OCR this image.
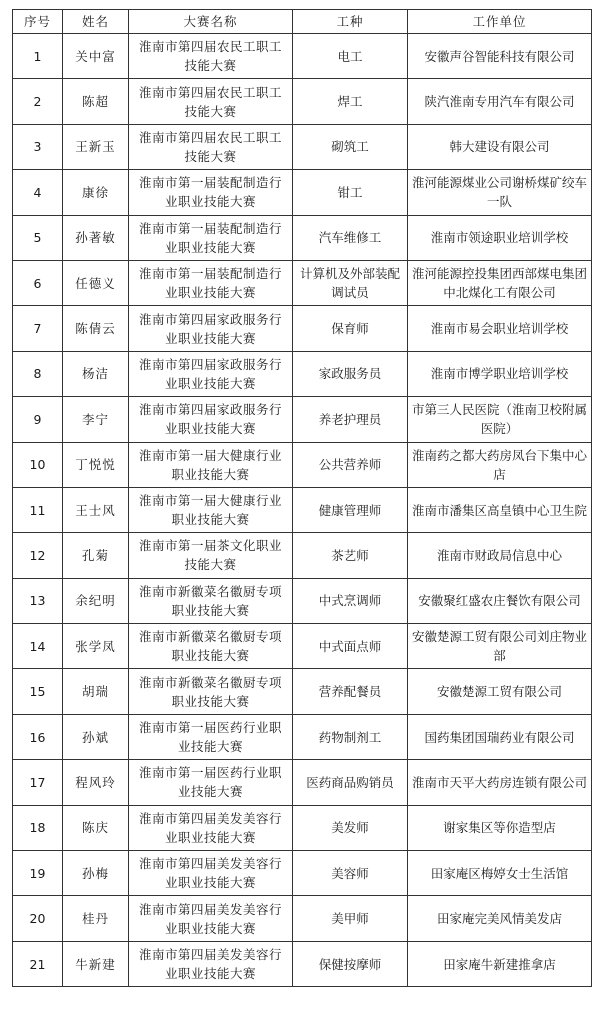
序号	姓名	大赛名称	工种	工作单位
1	关中富	淮南市第四届农民工职工技能大赛	电工	安徽声谷智能科技有限公司
2	陈超	淮南市第四届农民工职工技能大赛	焊工	陕汽淮南专用汽车有限公司
3	王新玉	淮南市第四届农民工职工技能大赛	砌筑工	韩大建设有限公司
4	康徐	淮南市第一届装配制造行业职业技能大赛	钳工	淮河能源煤业公司谢桥煤矿绞车一队
5	孙著敏	淮南市第一届装配制造行业职业技能大赛	汽车维修工	淮南市领途职业培训学校
6	任德义	淮南市第一届装配制造行业职业技能大赛	计算机及外部装配调试员	淮河能源控投集团西部煤电集团中北煤化工有限公司
7	陈倩云	淮南市第四届家政服务行业职业技能大赛	保育师	淮南市易会职业培训学校
8	杨洁	淮南市第四届家政服务行业职业技能大赛	家政服务员	淮南市博学职业培训学校
9	李宁	淮南市第四届家政服务行业职业技能大赛	养老护理员	市第三人民医院（淮南卫校附属医院）
10	丁悦悦	淮南市第一届大健康行业职业技能大赛	公共营养师	淮南药之都大药房凤台下集中心店
11	王士风	淮南市第一届大健康行业职业技能大赛	健康管理师	淮南市潘集区高皇镇中心卫生院
12	孔菊	淮南市第一届茶文化职业技能大赛	茶艺师	淮南市财政局信息中心
13	余纪明	淮南市新徽菜名徽厨专项职业技能大赛	中式烹调师	安徽聚红盛农庄餐饮有限公司
14	张学凤	淮南市新徽菜名徽厨专项职业技能大赛	中式面点师	安徽楚源工贸有限公司刘庄物业部
15	胡瑞	淮南市新徽菜名徽厨专项职业技能大赛	营养配餐员	安徽楚源工贸有限公司
16	孙斌	淮南市第一届医药行业职业技能大赛	药物制剂工	国药集团国瑞药业有限公司
17	程风玲	淮南市第一届医药行业职业技能大赛	医药商品购销员	淮南市天平大药房连锁有限公司
18	陈庆	淮南市第四届美发美容行业职业技能大赛	美发师	谢家集区等你造型店
19	孙梅	淮南市第四届美发美容行业职业技能大赛	美容师	田家庵区梅婷女士生活馆
20	桂丹	淮南市第四届美发美容行业职业技能大赛	美甲师	田家庵完美风情美发店
21	牛新建	淮南市第四届美发美容行业职业技能大赛	保健按摩师	田家庵牛新建推拿店
